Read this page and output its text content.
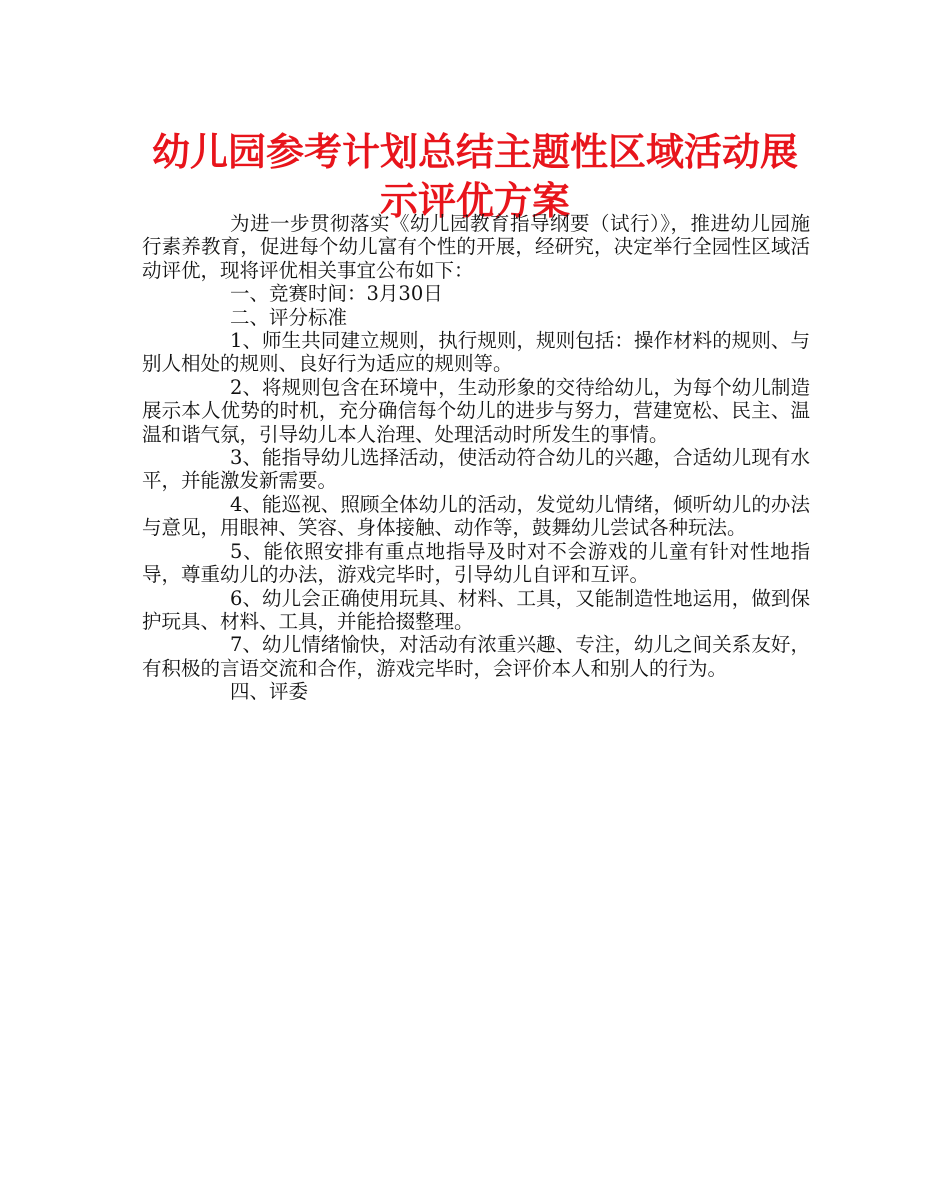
幼儿园参考计划总结主题性区域活动展示评优方案

为进一步贯彻落实《幼儿园教育指导纲要（试行）》，推进幼儿园施行素养教育，促进每个幼儿富有个性的开展，经研究，决定举行全园性区域活动评优，现将评优相关事宜公布如下：

一、竞赛时间：3月30日

二、评分标准

1、师生共同建立规则，执行规则，规则包括：操作材料的规则、与别人相处的规则、良好行为适应的规则等。

2、将规则包含在环境中，生动形象的交待给幼儿，为每个幼儿制造展示本人优势的时机，充分确信每个幼儿的进步与努力，营建宽松、民主、温温和谐气氛，引导幼儿本人治理、处理活动时所发生的事情。

3、能指导幼儿选择活动，使活动符合幼儿的兴趣，合适幼儿现有水平，并能激发新需要。

4、能巡视、照顾全体幼儿的活动，发觉幼儿情绪，倾听幼儿的办法与意见，用眼神、笑容、身体接触、动作等，鼓舞幼儿尝试各种玩法。

5、能依照安排有重点地指导及时对不会游戏的儿童有针对性地指导，尊重幼儿的办法，游戏完毕时，引导幼儿自评和互评。

6、幼儿会正确使用玩具、材料、工具，又能制造性地运用，做到保护玩具、材料、工具，并能拾掇整理。

7、幼儿情绪愉快，对活动有浓重兴趣、专注，幼儿之间关系友好，有积极的言语交流和合作，游戏完毕时，会评价本人和别人的行为。

四、评委
